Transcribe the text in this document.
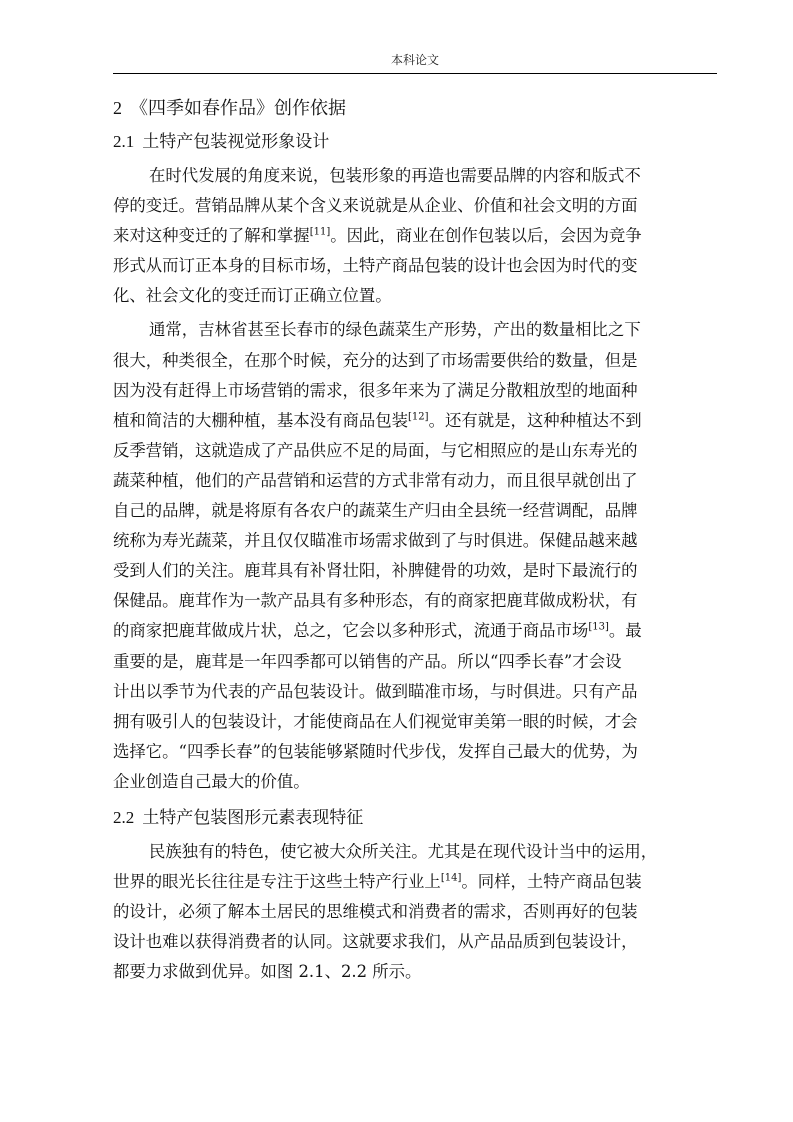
本科论文
2 《四季如春作品》创作依据
2.1 土特产包装视觉形象设计
在时代发展的角度来说，包装形象的再造也需要品牌的内容和版式不
停的变迁。营销品牌从某个含义来说就是从企业、价值和社会文明的方面
来对这种变迁的了解和掌握[11]。因此，商业在创作包装以后，会因为竞争
形式从而订正本身的目标市场，土特产商品包装的设计也会因为时代的变
化、社会文化的变迁而订正确立位置。
通常，吉林省甚至长春市的绿色蔬菜生产形势，产出的数量相比之下
很大，种类很全，在那个时候，充分的达到了市场需要供给的数量，但是
因为没有赶得上市场营销的需求，很多年来为了满足分散粗放型的地面种
植和简洁的大棚种植，基本没有商品包装[12]。还有就是，这种种植达不到
反季营销，这就造成了产品供应不足的局面，与它相照应的是山东寿光的
蔬菜种植，他们的产品营销和运营的方式非常有动力，而且很早就创出了
自己的品牌，就是将原有各农户的蔬菜生产归由全县统一经营调配，品牌
统称为寿光蔬菜，并且仅仅瞄准市场需求做到了与时俱进。保健品越来越
受到人们的关注。鹿茸具有补肾壮阳，补脾健骨的功效，是时下最流行的
保健品。鹿茸作为一款产品具有多种形态，有的商家把鹿茸做成粉状，有
的商家把鹿茸做成片状，总之，它会以多种形式，流通于商品市场[13]。最
重要的是，鹿茸是一年四季都可以销售的产品。所以“四季长春”才会设
计出以季节为代表的产品包装设计。做到瞄准市场，与时俱进。只有产品
拥有吸引人的包装设计，才能使商品在人们视觉审美第一眼的时候，才会
选择它。“四季长春”的包装能够紧随时代步伐，发挥自己最大的优势，为
企业创造自己最大的价值。
2.2 土特产包装图形元素表现特征
民族独有的特色，使它被大众所关注。尤其是在现代设计当中的运用，
世界的眼光长往往是专注于这些土特产行业上[14]。同样，土特产商品包装
的设计，必须了解本土居民的思维模式和消费者的需求，否则再好的包装
设计也难以获得消费者的认同。这就要求我们，从产品品质到包装设计，
都要力求做到优异。如图 2.1、2.2 所示。
